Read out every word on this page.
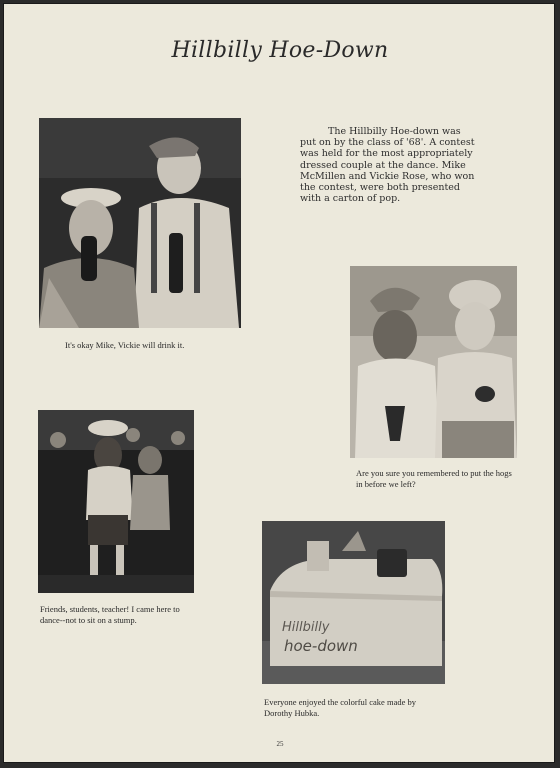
Hillbilly Hoe-Down
It's okay Mike, Vickie will drink it.
The Hillbilly Hoe-down was put on by the class of '68'. A contest was held for the most appropriately dressed couple at the dance. Mike McMillen and Vickie Rose, who won the contest, were both presented with a carton of pop.
Are you sure you remembered to put the hogs in before we left?
Friends, students, teacher! I came here to dance--not to sit on a stump.	Hillbilly
hoe-down
Everyone enjoyed the colorful cake made by Dorothy Hubka.
25
